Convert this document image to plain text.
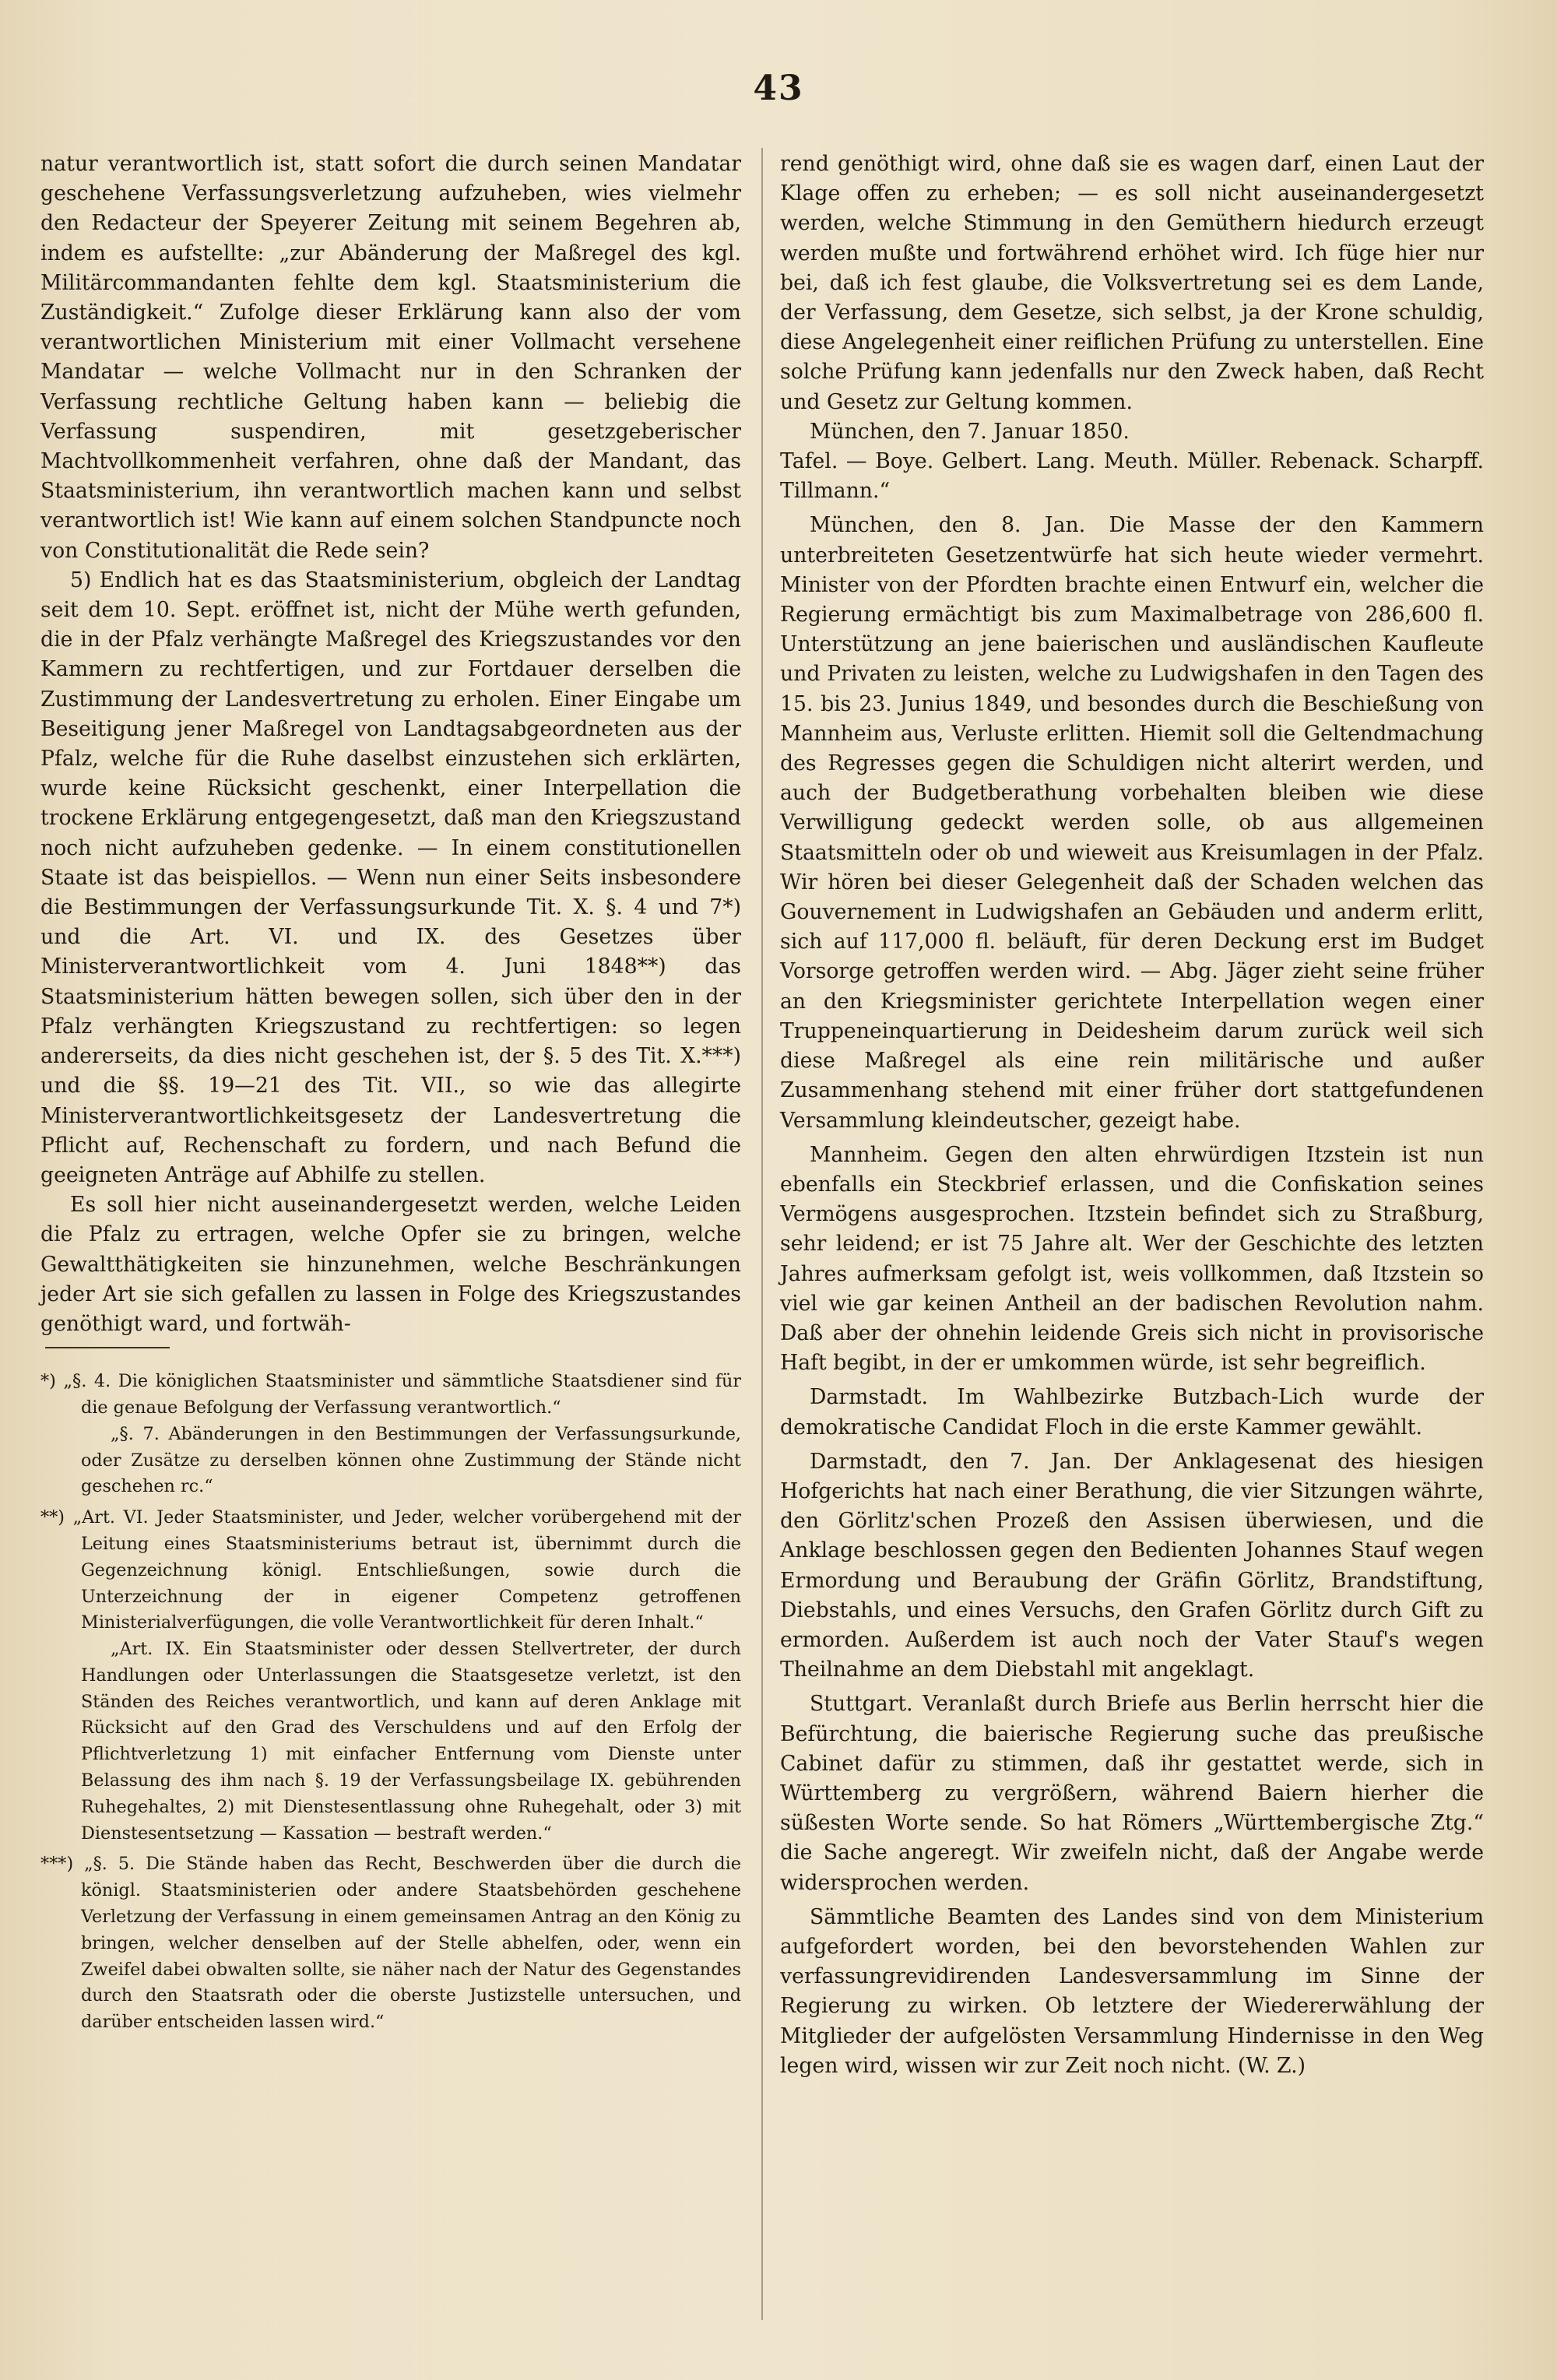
43

natur verantwortlich ist, statt sofort die durch seinen Mandatar geschehene Verfassungsverletzung aufzuheben, wies vielmehr den Redacteur der Speyerer Zeitung mit seinem Begehren ab, indem es aufstellte: „zur Abänderung der Maßregel des kgl. Militärcommandanten fehlte dem kgl. Staatsministerium die Zuständigkeit.“ Zufolge dieser Erklärung kann also der vom verantwortlichen Ministerium mit einer Vollmacht versehene Mandatar — welche Vollmacht nur in den Schranken der Verfassung rechtliche Geltung haben kann — beliebig die Verfassung suspendiren, mit gesetzgeberischer Machtvollkommenheit verfahren, ohne daß der Mandant, das Staatsministerium, ihn verantwortlich machen kann und selbst verantwortlich ist! Wie kann auf einem solchen Standpuncte noch von Constitutionalität die Rede sein?

5) Endlich hat es das Staatsministerium, obgleich der Landtag seit dem 10. Sept. eröffnet ist, nicht der Mühe werth gefunden, die in der Pfalz verhängte Maßregel des Kriegszustandes vor den Kammern zu rechtfertigen, und zur Fortdauer derselben die Zustimmung der Landesvertretung zu erholen. Einer Eingabe um Beseitigung jener Maßregel von Landtagsabgeordneten aus der Pfalz, welche für die Ruhe daselbst einzustehen sich erklärten, wurde keine Rücksicht geschenkt, einer Interpellation die trockene Erklärung entgegengesetzt, daß man den Kriegszustand noch nicht aufzuheben gedenke. — In einem constitutionellen Staate ist das beispiellos. — Wenn nun einer Seits insbesondere die Bestimmungen der Verfassungsurkunde Tit. X. §. 4 und 7*) und die Art. VI. und IX. des Gesetzes über Ministerverantwortlichkeit vom 4. Juni 1848**) das Staatsministerium hätten bewegen sollen, sich über den in der Pfalz verhängten Kriegszustand zu rechtfertigen: so legen andererseits, da dies nicht geschehen ist, der §. 5 des Tit. X.***) und die §§. 19—21 des Tit. VII., so wie das allegirte Ministerverantwortlichkeitsgesetz der Landesvertretung die Pflicht auf, Rechenschaft zu fordern, und nach Befund die geeigneten Anträge auf Abhilfe zu stellen.

Es soll hier nicht auseinandergesetzt werden, welche Leiden die Pfalz zu ertragen, welche Opfer sie zu bringen, welche Gewaltthätigkeiten sie hinzunehmen, welche Beschränkungen jeder Art sie sich gefallen zu lassen in Folge des Kriegszustandes genöthigt ward, und fortwäh-

*) „§. 4. Die königlichen Staatsminister und sämmtliche Staatsdiener sind für die genaue Befolgung der Verfassung verantwortlich.“

„§. 7. Abänderungen in den Bestimmungen der Verfassungsurkunde, oder Zusätze zu derselben können ohne Zustimmung der Stände nicht geschehen rc.“

**) „Art. VI. Jeder Staatsminister, und Jeder, welcher vorübergehend mit der Leitung eines Staatsministeriums betraut ist, übernimmt durch die Gegenzeichnung königl. Entschließungen, sowie durch die Unterzeichnung der in eigener Competenz getroffenen Ministerialverfügungen, die volle Verantwortlichkeit für deren Inhalt.“

„Art. IX. Ein Staatsminister oder dessen Stellvertreter, der durch Handlungen oder Unterlassungen die Staatsgesetze verletzt, ist den Ständen des Reiches verantwortlich, und kann auf deren Anklage mit Rücksicht auf den Grad des Verschuldens und auf den Erfolg der Pflichtverletzung 1) mit einfacher Entfernung vom Dienste unter Belassung des ihm nach §. 19 der Verfassungsbeilage IX. gebührenden Ruhegehaltes, 2) mit Dienstesentlassung ohne Ruhegehalt, oder 3) mit Dienstesentsetzung — Kassation — bestraft werden.“

***) „§. 5. Die Stände haben das Recht, Beschwerden über die durch die königl. Staatsministerien oder andere Staatsbehörden geschehene Verletzung der Verfassung in einem gemeinsamen Antrag an den König zu bringen, welcher denselben auf der Stelle abhelfen, oder, wenn ein Zweifel dabei obwalten sollte, sie näher nach der Natur des Gegenstandes durch den Staatsrath oder die oberste Justizstelle untersuchen, und darüber entscheiden lassen wird.“

rend genöthigt wird, ohne daß sie es wagen darf, einen Laut der Klage offen zu erheben; — es soll nicht auseinandergesetzt werden, welche Stimmung in den Gemüthern hiedurch erzeugt werden mußte und fortwährend erhöhet wird. Ich füge hier nur bei, daß ich fest glaube, die Volksvertretung sei es dem Lande, der Verfassung, dem Gesetze, sich selbst, ja der Krone schuldig, diese Angelegenheit einer reiflichen Prüfung zu unterstellen. Eine solche Prüfung kann jedenfalls nur den Zweck haben, daß Recht und Gesetz zur Geltung kommen.

München, den 7. Januar 1850.

Tafel. — Boye. Gelbert. Lang. Meuth. Müller. Rebenack. Scharpff. Tillmann.“

München, den 8. Jan. Die Masse der den Kammern unterbreiteten Gesetzentwürfe hat sich heute wieder vermehrt. Minister von der Pfordten brachte einen Entwurf ein, welcher die Regierung ermächtigt bis zum Maximalbetrage von 286,600 fl. Unterstützung an jene baierischen und ausländischen Kaufleute und Privaten zu leisten, welche zu Ludwigshafen in den Tagen des 15. bis 23. Junius 1849, und besondes durch die Beschießung von Mannheim aus, Verluste erlitten. Hiemit soll die Geltendmachung des Regresses gegen die Schuldigen nicht alterirt werden, und auch der Budgetberathung vorbehalten bleiben wie diese Verwilligung gedeckt werden solle, ob aus allgemeinen Staatsmitteln oder ob und wieweit aus Kreisumlagen in der Pfalz. Wir hören bei dieser Gelegenheit daß der Schaden welchen das Gouvernement in Ludwigshafen an Gebäuden und anderm erlitt, sich auf 117,000 fl. beläuft, für deren Deckung erst im Budget Vorsorge getroffen werden wird. — Abg. Jäger zieht seine früher an den Kriegsminister gerichtete Interpellation wegen einer Truppeneinquartierung in Deidesheim darum zurück weil sich diese Maßregel als eine rein militärische und außer Zusammenhang stehend mit einer früher dort stattgefundenen Versammlung kleindeutscher, gezeigt habe.

Mannheim. Gegen den alten ehrwürdigen Itzstein ist nun ebenfalls ein Steckbrief erlassen, und die Confiskation seines Vermögens ausgesprochen. Itzstein befindet sich zu Straßburg, sehr leidend; er ist 75 Jahre alt. Wer der Geschichte des letzten Jahres aufmerksam gefolgt ist, weis vollkommen, daß Itzstein so viel wie gar keinen Antheil an der badischen Revolution nahm. Daß aber der ohnehin leidende Greis sich nicht in provisorische Haft begibt, in der er umkommen würde, ist sehr begreiflich.

Darmstadt. Im Wahlbezirke Butzbach-Lich wurde der demokratische Candidat Floch in die erste Kammer gewählt.

Darmstadt, den 7. Jan. Der Anklagesenat des hiesigen Hofgerichts hat nach einer Berathung, die vier Sitzungen währte, den Görlitz'schen Prozeß den Assisen überwiesen, und die Anklage beschlossen gegen den Bedienten Johannes Stauf wegen Ermordung und Beraubung der Gräfin Görlitz, Brandstiftung, Diebstahls, und eines Versuchs, den Grafen Görlitz durch Gift zu ermorden. Außerdem ist auch noch der Vater Stauf's wegen Theilnahme an dem Diebstahl mit angeklagt.

Stuttgart. Veranlaßt durch Briefe aus Berlin herrscht hier die Befürchtung, die baierische Regierung suche das preußische Cabinet dafür zu stimmen, daß ihr gestattet werde, sich in Württemberg zu vergrößern, während Baiern hierher die süßesten Worte sende. So hat Römers „Württembergische Ztg.“ die Sache angeregt. Wir zweifeln nicht, daß der Angabe werde widersprochen werden.

Sämmtliche Beamten des Landes sind von dem Ministerium aufgefordert worden, bei den bevorstehenden Wahlen zur verfassungrevidirenden Landesversammlung im Sinne der Regierung zu wirken. Ob letztere der Wiedererwählung der Mitglieder der aufgelösten Versammlung Hindernisse in den Weg legen wird, wissen wir zur Zeit noch nicht. (W. Z.)
